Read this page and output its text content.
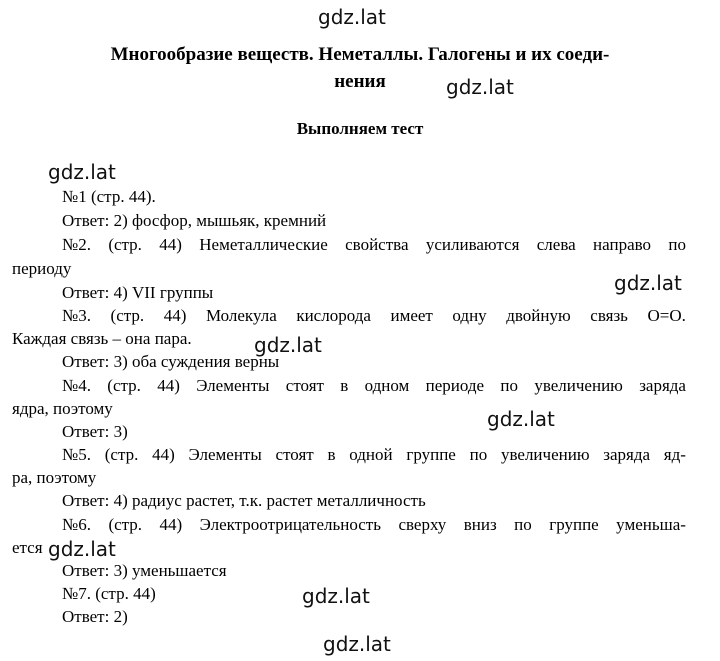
gdz.lat
gdz.lat
gdz.lat
gdz.lat
gdz.lat
gdz.lat
gdz.lat
gdz.lat
gdz.lat
Многообразие веществ. Неметаллы. Галогены и их соеди-
нения
Выполняем тест
№1 (стр. 44).
Ответ: 2) фосфор, мышьяк, кремний
№2. (стр. 44) Неметаллические свойства усиливаются слева направо по
периоду
Ответ: 4) VII группы
№3. (стр. 44) Молекула кислорода имеет одну двойную связь О=О.
Каждая связь – она пара.
Ответ: 3) оба суждения верны
№4. (стр. 44) Элементы стоят в одном периоде по увеличению заряда
ядра, поэтому
Ответ: 3)
№5. (стр. 44) Элементы стоят в одной группе по увеличению заряда яд-
ра, поэтому
Ответ: 4) радиус растет, т.к. растет металличность
№6. (стр. 44) Электроотрицательность сверху вниз по группе уменьша-
ется
Ответ: 3) уменьшается
№7. (стр. 44)
Ответ: 2)
